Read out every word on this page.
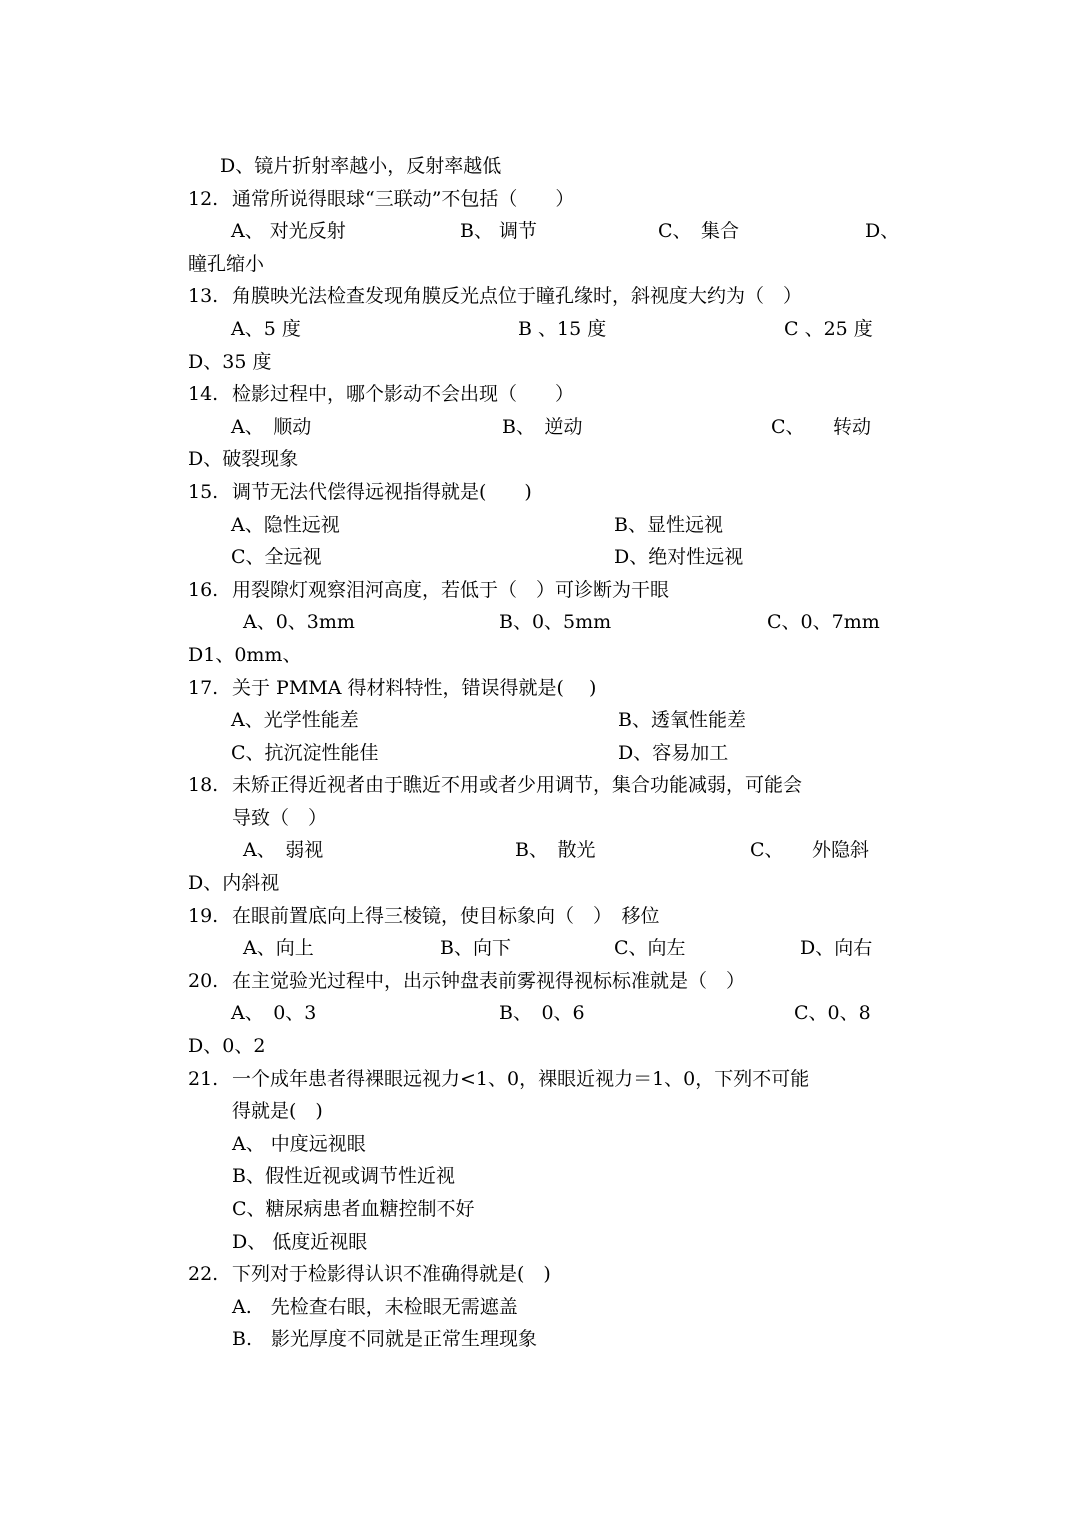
D、镜片折射率越小，反射率越低
12. 通常所说得眼球“三联动”不包括（　　）
A、 对光反射	B、 调节	C、　集合	D、
瞳孔缩小
13. 角膜映光法检查发现角膜反光点位于瞳孔缘时，斜视度大约为（　）
A、5 度	B 、15 度	C 、25 度
D、35 度
14. 检影过程中，哪个影动不会出现（　　）
A、　顺动	B、　逆动	C、　　转动
D、破裂现象
15. 调节无法代偿得远视指得就是(　　)
A、隐性远视	B、显性远视
C、全远视	D、绝对性远视
16. 用裂隙灯观察泪河高度，若低于（　）可诊断为干眼
A、0、3mm	B、0、5mm	C、0、7mm
D1、0mm、
17. 关于 PMMA 得材料特性，错误得就是(　 )
A、光学性能差	B、透氧性能差
C、抗沉淀性能佳	D、容易加工
18. 未矫正得近视者由于瞧近不用或者少用调节，集合功能减弱，可能会
导致（　）
A、　弱视	B、　散光	C、　　外隐斜
D、内斜视
19. 在眼前置底向上得三棱镜，使目标象向（　）　移位
A、向上	B、向下	C、向左	D、向右
20. 在主觉验光过程中，出示钟盘表前雾视得视标标准就是（　）
A、　0、3	B、　0、6	C、0、8
D、0、2
21. 一个成年患者得裸眼远视力<1、0，裸眼近视力＝1、0，下列不可能
得就是(　)
A、 中度远视眼
B、假性近视或调节性近视
C、糖尿病患者血糖控制不好
D、 低度近视眼
22. 下列对于检影得认识不准确得就是(　)
A.　先检查右眼，未检眼无需遮盖
B.　影光厚度不同就是正常生理现象
